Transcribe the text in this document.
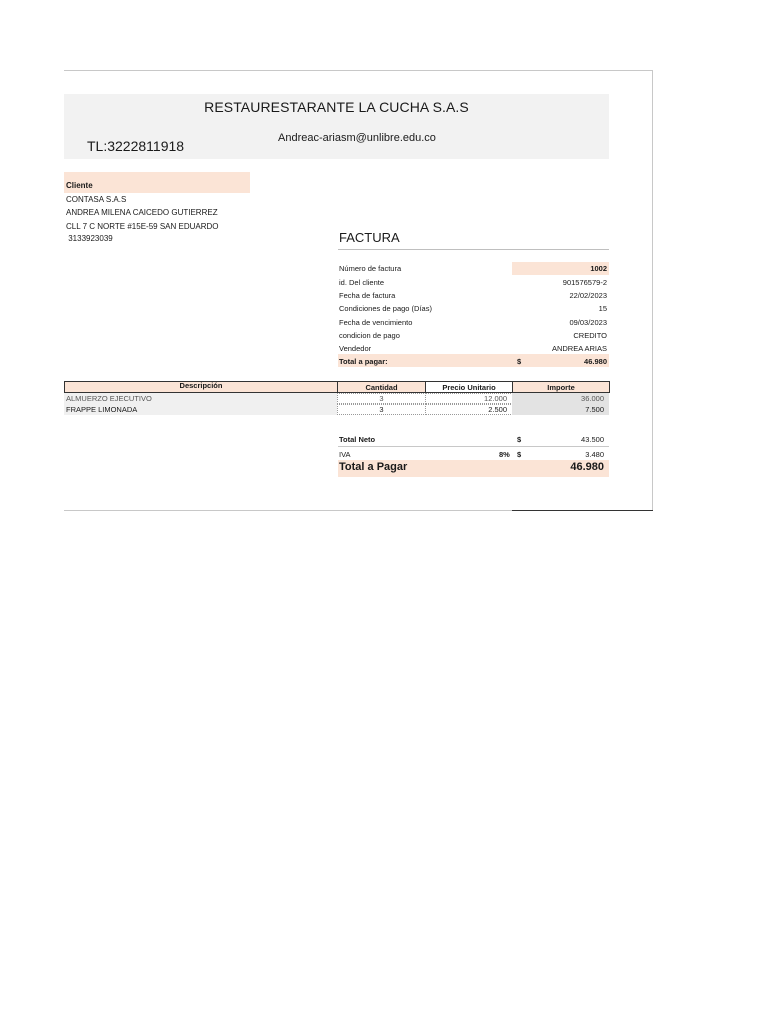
RESTAURESTARANTE LA CUCHA S.A.S
TL:3222811918	Andreac-ariasm@unlibre.edu.co
Cliente
CONTASA S.A.S
ANDREA MILENA CAICEDO GUTIERREZ
CLL 7 C NORTE #15E-59 SAN EDUARDO
3133923039	FACTURA
Número de factura	1002
id. Del cliente	901576579-2
Fecha de factura	22/02/2023
Condiciones de pago (Días)	15
Fecha de vencimiento	09/03/2023
condicion de pago	CREDITO
Vendedor	ANDREA ARIAS
Total a pagar:	$	46.980
Descripción	Cantidad	Precio Unitario	Importe
ALMUERZO EJECUTIVO	3	12.000	36.000
FRAPPE LIMONADA	3	2.500	7.500
Total Neto	$	43.500
IVA	8% $	3.480
Total a Pagar	46.980
